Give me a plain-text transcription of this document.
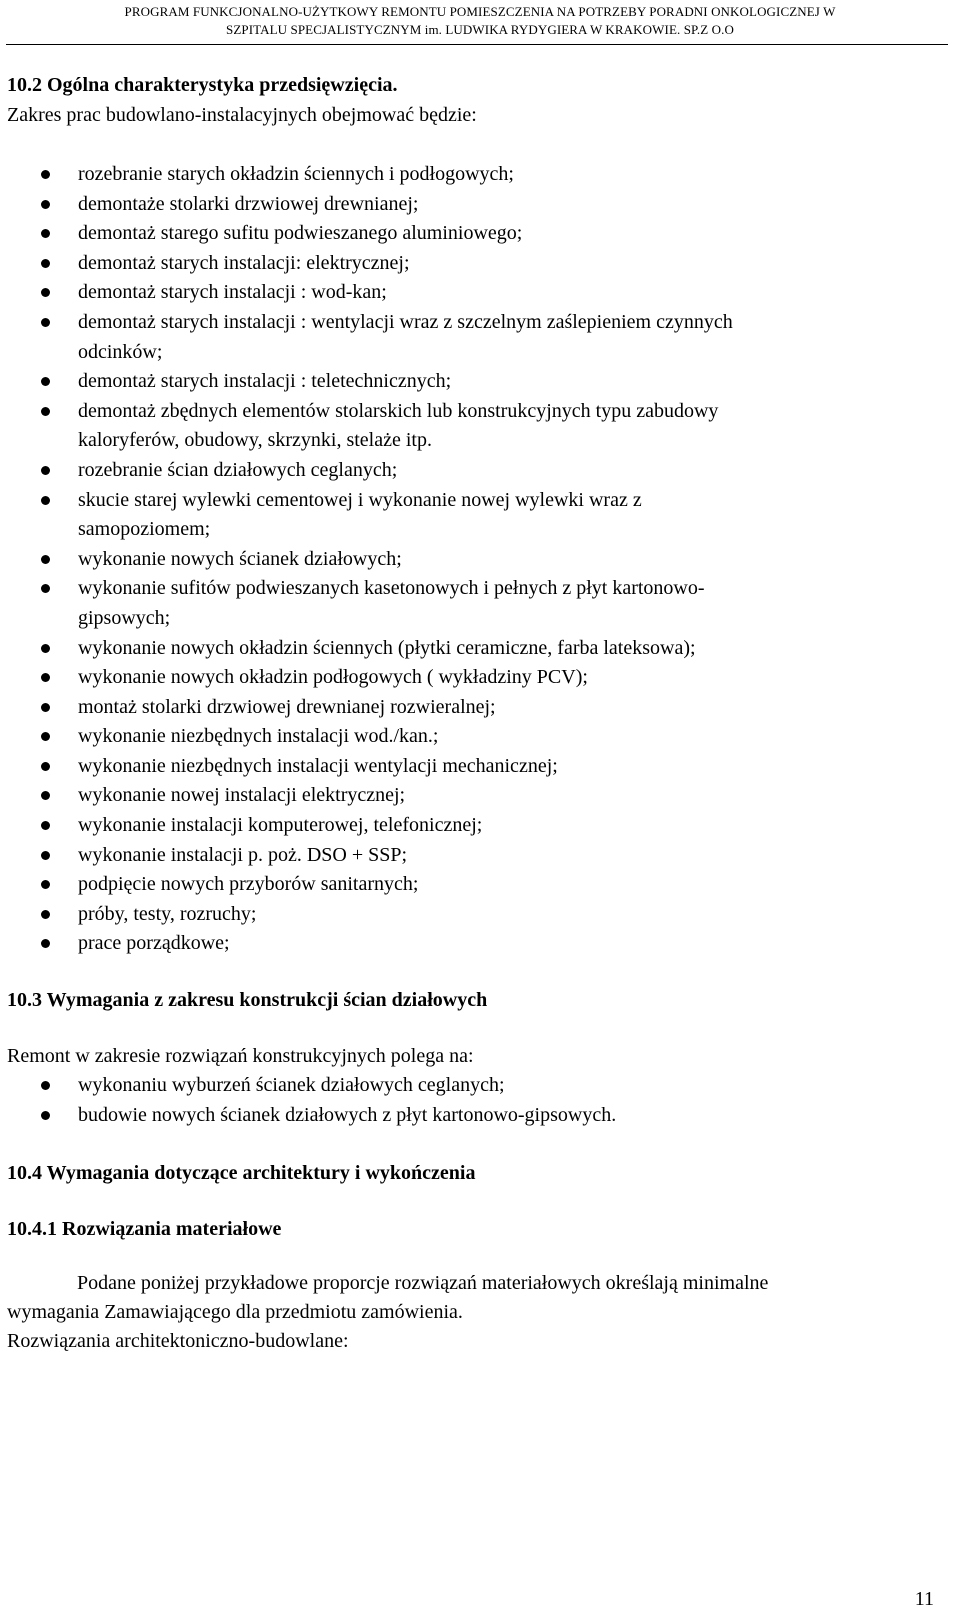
PROGRAM FUNKCJONALNO-UŻYTKOWY REMONTU POMIESZCZENIA NA POTRZEBY PORADNI ONKOLOGICZNEJ W
SZPITALU SPECJALISTYCZNYM im. LUDWIKA RYDYGIERA W KRAKOWIE. SP.Z O.O
10.2 Ogólna charakterystyka przedsięwzięcia.

Zakres prac budowlano-instalacyjnych obejmować będzie:

rozebranie starych okładzin ściennych i podłogowych;
demontaże stolarki drzwiowej drewnianej;
demontaż starego sufitu podwieszanego aluminiowego;
demontaż starych instalacji: elektrycznej;
demontaż starych instalacji : wod-kan;
demontaż starych instalacji : wentylacji wraz z szczelnym zaślepieniem czynnych
odcinków;
demontaż starych instalacji : teletechnicznych;
demontaż zbędnych elementów stolarskich lub konstrukcyjnych typu zabudowy
kaloryferów, obudowy, skrzynki, stelaże itp.
rozebranie ścian działowych ceglanych;
skucie starej wylewki cementowej i wykonanie nowej wylewki wraz z
samopoziomem;
wykonanie nowych ścianek działowych;
wykonanie sufitów podwieszanych kasetonowych i pełnych z płyt kartonowo-
gipsowych;
wykonanie nowych okładzin ściennych (płytki ceramiczne, farba lateksowa);
wykonanie nowych okładzin podłogowych ( wykładziny PCV);
montaż stolarki drzwiowej drewnianej rozwieralnej;
wykonanie niezbędnych instalacji wod./kan.;
wykonanie niezbędnych instalacji wentylacji mechanicznej;
wykonanie nowej instalacji elektrycznej;
wykonanie instalacji komputerowej, telefonicznej;
wykonanie instalacji p. poż. DSO + SSP;
podpięcie nowych przyborów sanitarnych;
próby, testy, rozruchy;
prace porządkowe;
10.3 Wymagania z zakresu konstrukcji ścian działowych

Remont w zakresie rozwiązań konstrukcyjnych polega na:

wykonaniu wyburzeń ścianek działowych ceglanych;
budowie nowych ścianek działowych z płyt kartonowo-gipsowych.
10.4 Wymagania dotyczące architektury i wykończenia
10.4.1 Rozwiązania materiałowe
Podane poniżej przykładowe proporcje rozwiązań materiałowych określają minimalne
wymagania Zamawiającego dla przedmiotu zamówienia.
Rozwiązania architektoniczno-budowlane:
11
